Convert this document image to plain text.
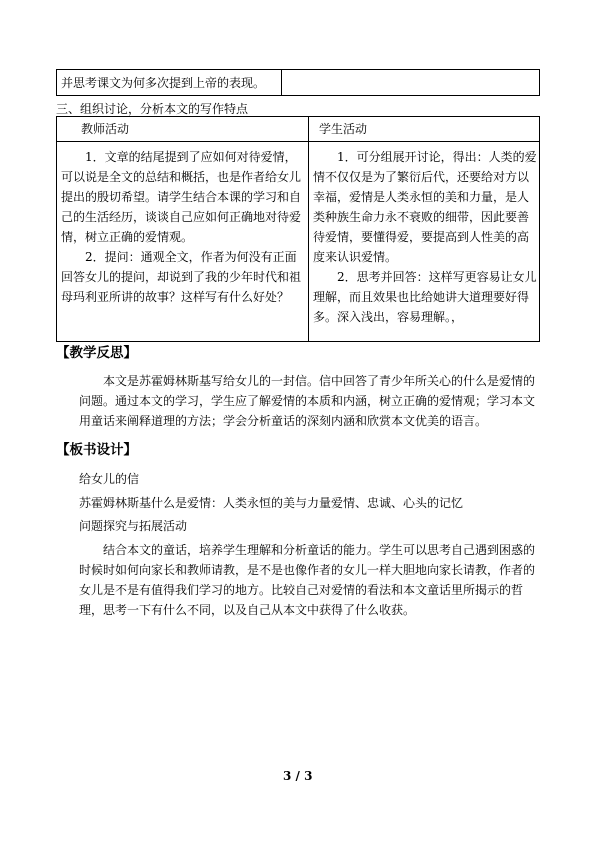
并思考课文为何多次提到上帝的表现。
三、组织讨论，分析本文的写作特点
教师活动	学生活动

1．文章的结尾提到了应如何对待爱情，可以说是全文的总结和概括，也是作者给女儿提出的殷切希望。请学生结合本课的学习和自己的生活经历，谈谈自己应如何正确地对待爱情，树立正确的爱情观。

2．提问：通观全文，作者为何没有正面回答女儿的提问，却说到了我的少年时代和祖母玛利亚所讲的故事？这样写有什么好处？

1．可分组展开讨论，得出：人类的爱情不仅仅是为了繁衍后代，还要给对方以幸福，爱情是人类永恒的美和力量，是人类种族生命力永不衰败的细带，因此要善待爱情，要懂得爱，要提高到人性美的高度来认识爱情。

2．思考并回答：这样写更容易让女儿理解，而且效果也比给她讲大道理要好得多。深入浅出，容易理解。，

【教学反思】
本文是苏霍姆林斯基写给女儿的一封信。信中回答了青少年所关心的什么是爱情的问题。通过本文的学习，学生应了解爱情的本质和内涵，树立正确的爱情观；学习本文用童话来阐释道理的方法；学会分析童话的深刻内涵和欣赏本文优美的语言。
【板书设计】
给女儿的信
苏霍姆林斯基什么是爱情：人类永恒的美与力量爱情、忠诚、心头的记忆
问题探究与拓展活动
结合本文的童话，培养学生理解和分析童话的能力。学生可以思考自己遇到困惑的时候时如何向家长和教师请教，是不是也像作者的女儿一样大胆地向家长请教，作者的女儿是不是有值得我们学习的地方。比较自己对爱情的看法和本文童话里所揭示的哲理，思考一下有什么不同，以及自己从本文中获得了什么收获。
3 / 3
